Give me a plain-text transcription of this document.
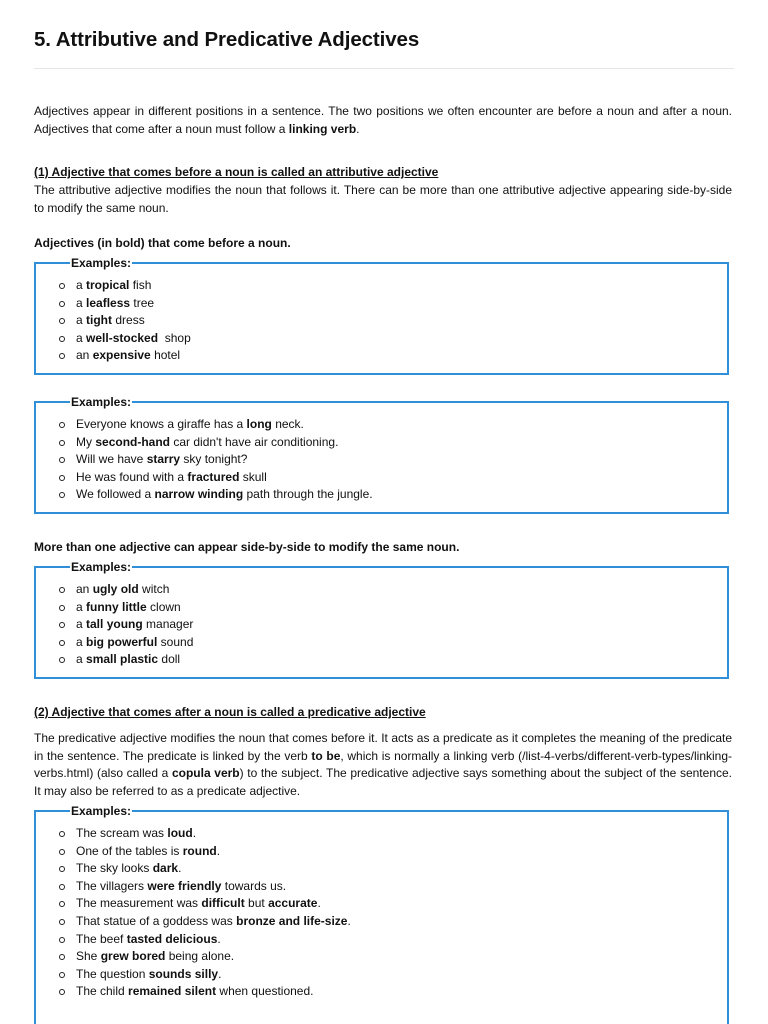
5. Attributive and Predicative Adjectives

Adjectives appear in different positions in a sentence. The two positions we often encounter are before a noun and after a noun. Adjectives that come after a noun must follow a linking verb.

(1) Adjective that comes before a noun is called an attributive adjective

The attributive adjective modifies the noun that follows it. There can be more than one attributive adjective appearing side-by-side to modify the same noun.

Adjectives (in bold) that come before a noun.

Examples:
a tropical fish
a leafless tree
a tight dress
a well-stocked  shop
an expensive hotel
Examples:
Everyone knows a giraffe has a long neck.
My second-hand car didn't have air conditioning.
Will we have starry sky tonight?
He was found with a fractured skull
We followed a narrow winding path through the jungle.

More than one adjective can appear side-by-side to modify the same noun.

Examples:
an ugly old witch
a funny little clown
a tall young manager
a big powerful sound
a small plastic doll

(2) Adjective that comes after a noun is called a predicative adjective

The predicative adjective modifies the noun that comes before it. It acts as a predicate as it completes the meaning of the predicate in the sentence. The predicate is linked by the verb to be, which is normally a linking verb (/list-4-verbs/different-verb-types/linking-verbs.html) (also called a copula verb) to the subject. The predicative adjective says something about the subject of the sentence. It may also be referred to as a predicate adjective.

Examples:
The scream was loud.
One of the tables is round.
The sky looks dark.
The villagers were friendly towards us.
The measurement was difficult but accurate.
That statue of a goddess was bronze and life-size.
The beef tasted delicious.
She grew bored being alone.
The question sounds silly.
The child remained silent when questioned.
